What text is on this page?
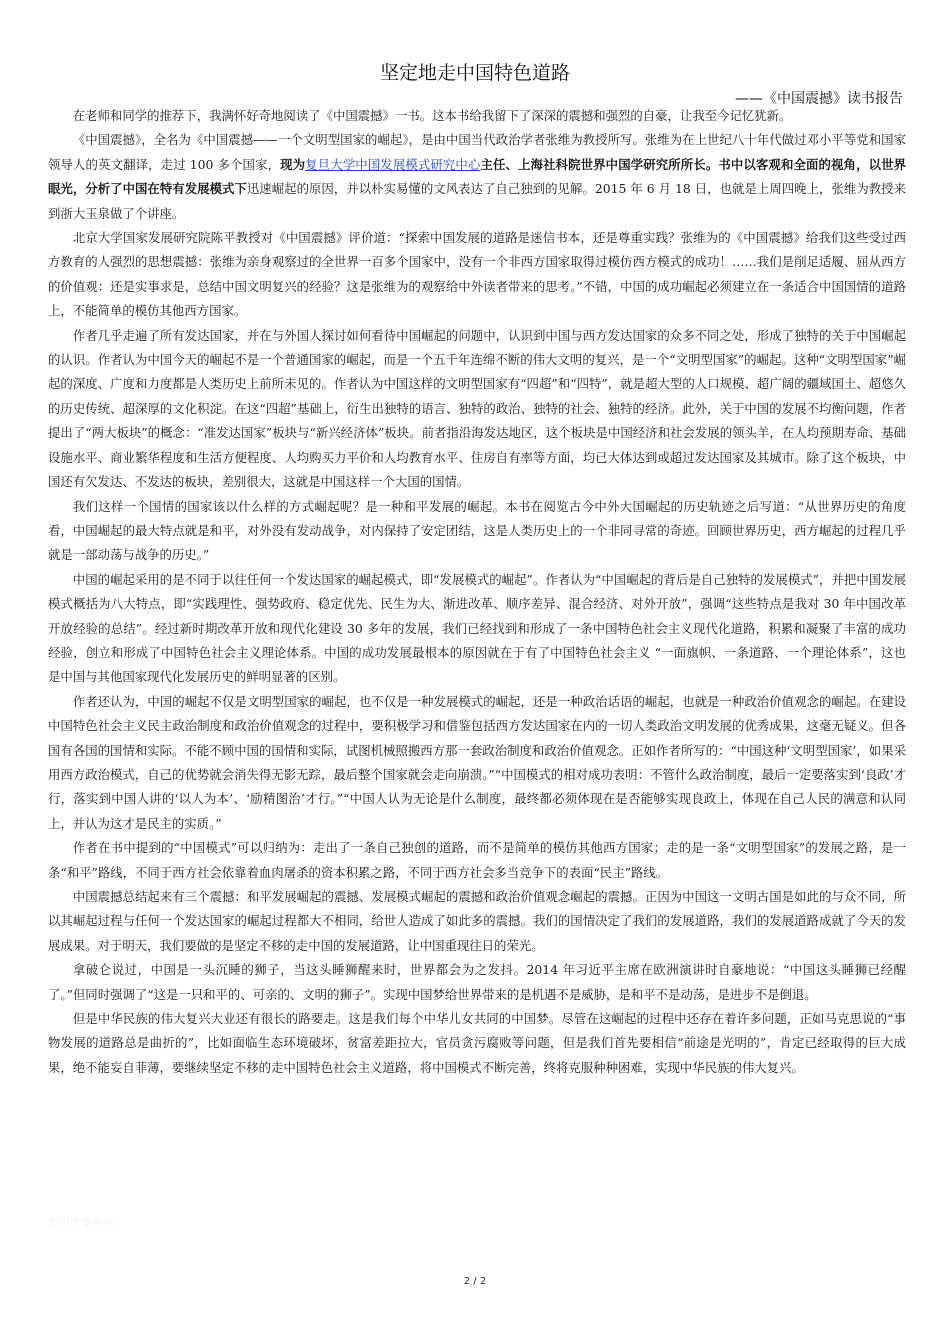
坚定地走中国特色道路
——《中国震撼》读书报告

在老师和同学的推荐下，我满怀好奇地阅读了《中国震撼》一书。这本书给我留下了深深的震撼和强烈的自豪，让我至今记忆犹新。

《中国震撼》，全名为《中国震撼——一个文明型国家的崛起》，是由中国当代政治学者张维为教授所写。张维为在上世纪八十年代做过邓小平等党和国家领导人的英文翻译，走过 100 多个国家，现为复旦大学中国发展模式研究中心主任、上海社科院世界中国学研究所所长。书中以客观和全面的视角，以世界眼光，分析了中国在特有发展模式下迅速崛起的原因，并以朴实易懂的文风表达了自己独到的见解。2015 年 6 月 18 日，也就是上周四晚上，张维为教授来到浙大玉泉做了个讲座。

北京大学国家发展研究院陈平教授对《中国震撼》评价道：“探索中国发展的道路是迷信书本，还是尊重实践？张维为的《中国震撼》给我们这些受过西方教育的人强烈的思想震撼：张维为亲身观察过的全世界一百多个国家中，没有一个非西方国家取得过模仿西方模式的成功！……我们是削足适履、屈从西方的价值观：还是实事求是，总结中国文明复兴的经验？这是张维为的观察给中外读者带来的思考。”不错，中国的成功崛起必须建立在一条适合中国国情的道路上，不能简单的模仿其他西方国家。

作者几乎走遍了所有发达国家，并在与外国人探讨如何看待中国崛起的问题中，认识到中国与西方发达国家的众多不同之处，形成了独特的关于中国崛起的认识。作者认为中国今天的崛起不是一个普通国家的崛起，而是一个五千年连绵不断的伟大文明的复兴，是一个“文明型国家”的崛起。这种“文明型国家”崛起的深度、广度和力度都是人类历史上前所未见的。作者认为中国这样的文明型国家有“四超”和“四特”，就是超大型的人口规模、超广阔的疆域国土、超悠久的历史传统、超深厚的文化积淀。在这“四超”基础上，衍生出独特的语言、独特的政治、独特的社会、独特的经济。此外，关于中国的发展不均衡问题，作者提出了“两大板块”的概念：“准发达国家”板块与“新兴经济体”板块。前者指沿海发达地区，这个板块是中国经济和社会发展的领头羊，在人均预期寿命、基础设施水平、商业繁华程度和生活方便程度、人均购买力平价和人均教育水平、住房自有率等方面，均已大体达到或超过发达国家及其城市。除了这个板块，中国还有欠发达、不发达的板块，差别很大，这就是中国这样一个大国的国情。

我们这样一个国情的国家该以什么样的方式崛起呢？是一种和平发展的崛起。本书在阅览古今中外大国崛起的历史轨迹之后写道：“从世界历史的角度看，中国崛起的最大特点就是和平，对外没有发动战争，对内保持了安定团结，这是人类历史上的一个非同寻常的奇迹。回顾世界历史，西方崛起的过程几乎就是一部动荡与战争的历史。”

中国的崛起采用的是不同于以往任何一个发达国家的崛起模式，即“发展模式的崛起”。作者认为“中国崛起的背后是自己独特的发展模式”，并把中国发展模式概括为八大特点，即“实践理性、强势政府、稳定优先、民生为大、渐进改革、顺序差异、混合经济、对外开放”，强调“这些特点是我对 30 年中国改革开放经验的总结”。经过新时期改革开放和现代化建设 30 多年的发展，我们已经找到和形成了一条中国特色社会主义现代化道路，积累和凝聚了丰富的成功经验，创立和形成了中国特色社会主义理论体系。中国的成功发展最根本的原因就在于有了中国特色社会主义 “一面旗帜、一条道路、一个理论体系”，这也是中国与其他国家现代化发展历史的鲜明显著的区别。

作者还认为，中国的崛起不仅是文明型国家的崛起，也不仅是一种发展模式的崛起，还是一种政治话语的崛起，也就是一种政治价值观念的崛起。在建设中国特色社会主义民主政治制度和政治价值观念的过程中，要积极学习和借鉴包括西方发达国家在内的一切人类政治文明发展的优秀成果，这毫无疑义。但各国有各国的国情和实际。不能不顾中国的国情和实际，试图机械照搬西方那一套政治制度和政治价值观念。正如作者所写的：“中国这种‘文明型国家’，如果采用西方政治模式，自己的优势就会消失得无影无踪，最后整个国家就会走向崩溃。”“中国模式的相对成功表明：不管什么政治制度，最后一定要落实到‘良政’才行，落实到中国人讲的‘以人为本’、‘励精图治’才行。”“中国人认为无论是什么制度，最终都必须体现在是否能够实现良政上，体现在自己人民的满意和认同上，并认为这才是民主的实质。”

作者在书中提到的“中国模式”可以归纳为：走出了一条自己独创的道路，而不是简单的模仿其他西方国家；走的是一条“文明型国家”的发展之路，是一条“和平”路线，不同于西方社会依靠着血肉屠杀的资本积累之路，不同于西方社会多当竞争下的表面“民主”路线。

中国震撼总结起来有三个震撼：和平发展崛起的震撼、发展模式崛起的震撼和政治价值观念崛起的震撼。正因为中国这一文明古国是如此的与众不同，所以其崛起过程与任何一个发达国家的崛起过程都大不相同，给世人造成了如此多的震撼。我们的国情决定了我们的发展道路，我们的发展道路成就了今天的发展成果。对于明天，我们要做的是坚定不移的走中国的发展道路，让中国重现往日的荣光。

拿破仑说过，中国是一头沉睡的狮子，当这头睡狮醒来时，世界都会为之发抖。2014 年习近平主席在欧洲演讲时自豪地说：“中国这头睡狮已经醒了。”但同时强调了“这是一只和平的、可亲的、文明的狮子”。实现中国梦给世界带来的是机遇不是威胁，是和平不是动荡，是进步不是倒退。

但是中华民族的伟大复兴大业还有很长的路要走。这是我们每个中华儿女共同的中国梦。尽管在这崛起的过程中还存在着许多问题，正如马克思说的“事物发展的道路总是曲折的”，比如面临生态环境破坏，贫富差距拉大，官员贪污腐败等问题，但是我们首先要相信“前途是光明的”，肯定已经取得的巨大成果，绝不能妄自菲薄，要继续坚定不移的走中国特色社会主义道路，将中国模式不断完善，终将克服种种困难，实现中华民族的伟大复兴。

知识改变命运
2 / 2
